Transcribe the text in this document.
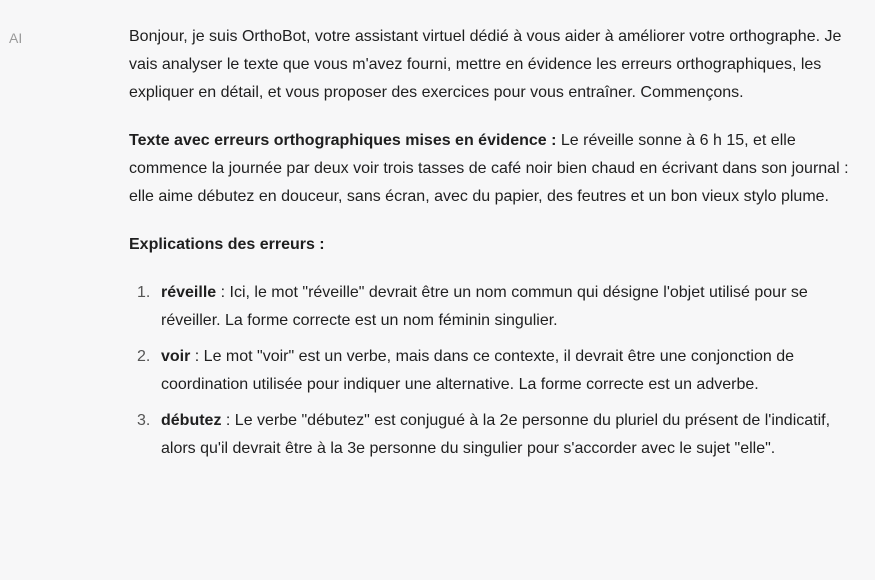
AI	Bonjour, je suis OrthoBot, votre assistant virtuel dédié à vous aider à améliorer votre orthographe. Je vais analyser le texte que vous m'avez fourni, mettre en évidence les erreurs orthographiques, les expliquer en détail, et vous proposer des exercices pour vous entraîner. Commençons.

Texte avec erreurs orthographiques mises en évidence : Le réveille sonne à 6 h 15, et elle commence la journée par deux voir trois tasses de café noir bien chaud en écrivant dans son journal : elle aime débutez en douceur, sans écran, avec du papier, des feutres et un bon vieux stylo plume.

Explications des erreurs :

1. réveille : Ici, le mot "réveille" devrait être un nom commun qui désigne l'objet utilisé pour se réveiller. La forme correcte est un nom féminin singulier.
2. voir : Le mot "voir" est un verbe, mais dans ce contexte, il devrait être une conjonction de coordination utilisée pour indiquer une alternative. La forme correcte est un adverbe.
3. débutez : Le verbe "débutez" est conjugué à la 2e personne du pluriel du présent de l'indicatif, alors qu'il devrait être à la 3e personne du singulier pour s'accorder avec le sujet "elle".
